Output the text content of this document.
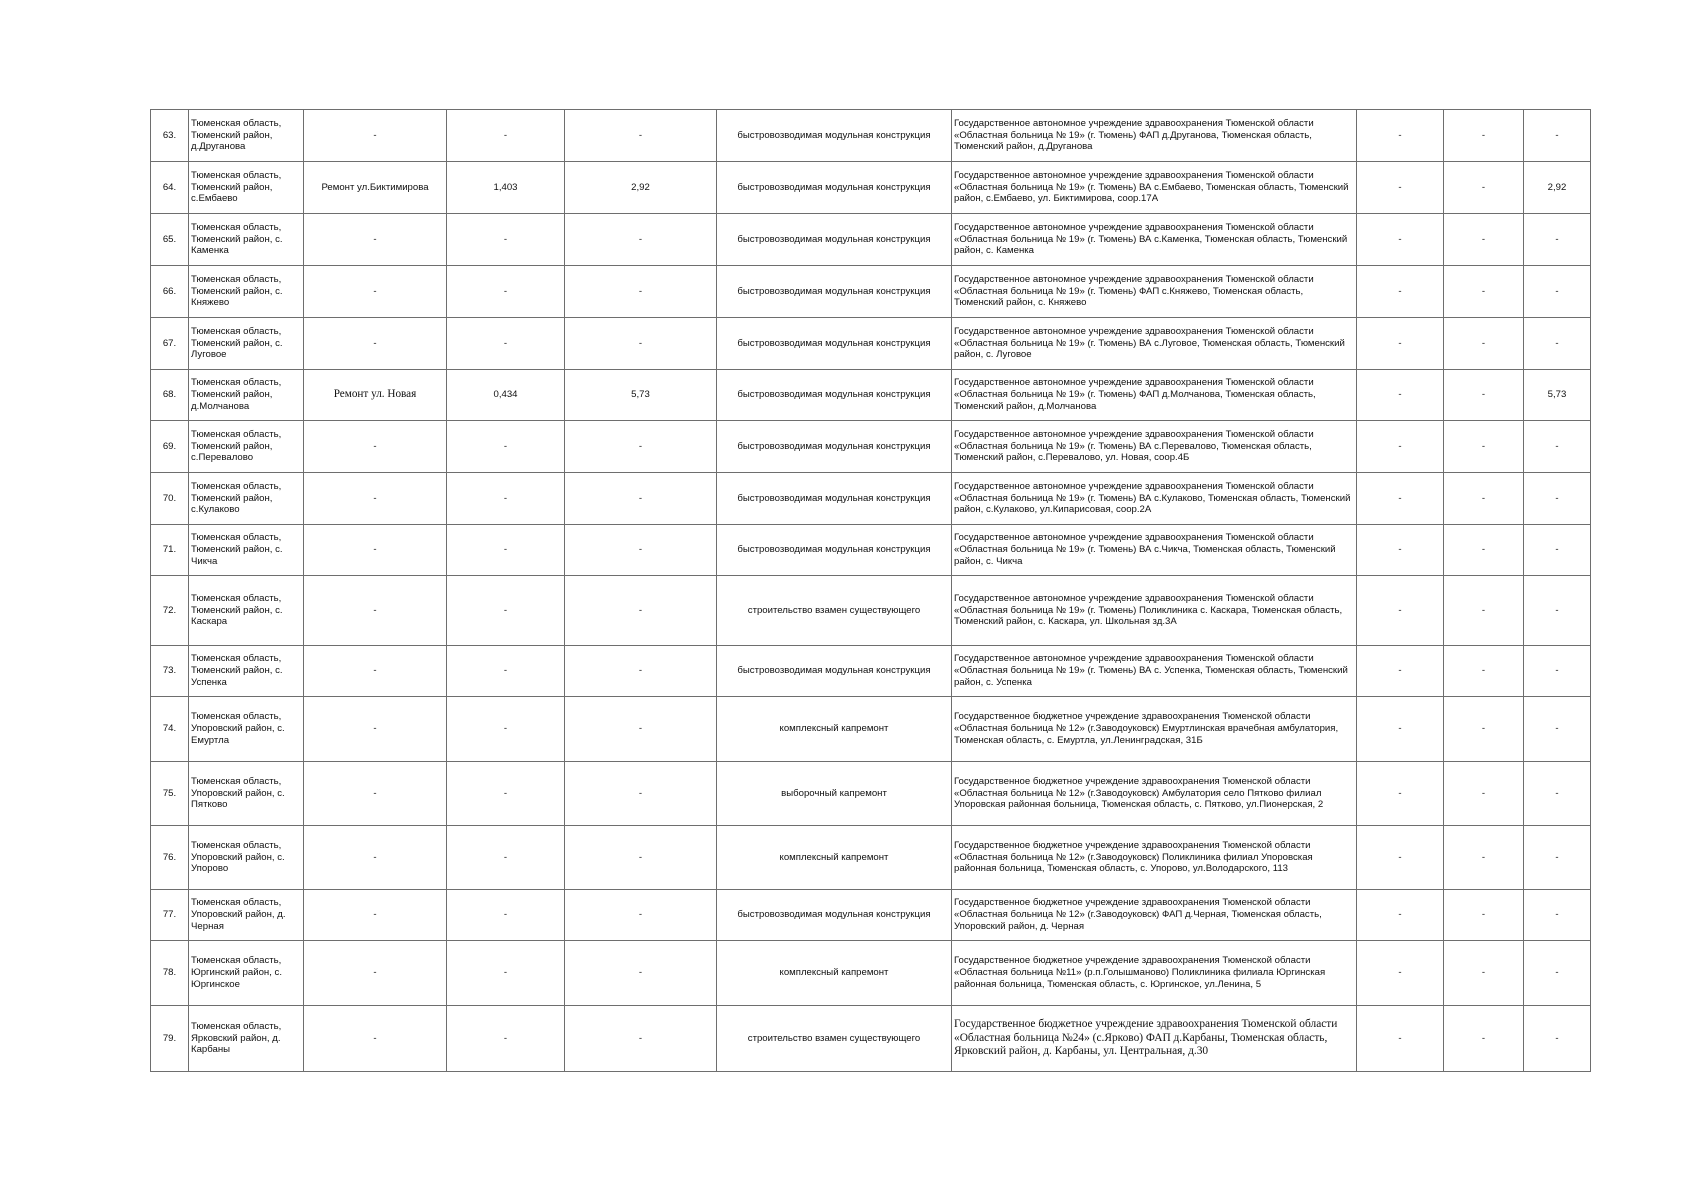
63.	Тюменская область, Тюменский район, д.Друганова	-	-	-	быстровозводимая модульная конструкция	Государственное автономное учреждение здравоохранения Тюменской области «Областная больница № 19» (г. Тюмень) ФАП д.Друганова, Тюменская область, Тюменский район, д.Друганова	-	-	-
64.	Тюменская область, Тюменский район, с.Ембаево	Ремонт ул.Биктимирова	1,403	2,92	быстровозводимая модульная конструкция	Государственное автономное учреждение здравоохранения Тюменской области «Областная больница № 19» (г. Тюмень) ВА с.Ембаево, Тюменская область, Тюменский район, с.Ембаево, ул. Биктимирова, соор.17А	-	-	2,92
65.	Тюменская область, Тюменский район, с. Каменка	-	-	-	быстровозводимая модульная конструкция	Государственное автономное учреждение здравоохранения Тюменской области «Областная больница № 19» (г. Тюмень) ВА с.Каменка, Тюменская область, Тюменский район, с. Каменка	-	-	-
66.	Тюменская область, Тюменский район, с. Княжево	-	-	-	быстровозводимая модульная конструкция	Государственное автономное учреждение здравоохранения Тюменской области «Областная больница № 19» (г. Тюмень) ФАП с.Княжево, Тюменская область, Тюменский район, с. Княжево	-	-	-
67.	Тюменская область, Тюменский район, с. Луговое	-	-	-	быстровозводимая модульная конструкция	Государственное автономное учреждение здравоохранения Тюменской области «Областная больница № 19» (г. Тюмень) ВА с.Луговое, Тюменская область, Тюменский район, с. Луговое	-	-	-
68.	Тюменская область, Тюменский район, д.Молчанова	Ремонт ул. Новая	0,434	5,73	быстровозводимая модульная конструкция	Государственное автономное учреждение здравоохранения Тюменской области «Областная больница № 19» (г. Тюмень) ФАП д.Молчанова, Тюменская область, Тюменский район, д.Молчанова	-	-	5,73
69.	Тюменская область, Тюменский район, с.Перевалово	-	-	-	быстровозводимая модульная конструкция	Государственное автономное учреждение здравоохранения Тюменской области «Областная больница № 19» (г. Тюмень) ВА с.Перевалово, Тюменская область, Тюменский район, с.Перевалово, ул. Новая, соор.4Б	-	-	-
70.	Тюменская область, Тюменский район, с.Кулаково	-	-	-	быстровозводимая модульная конструкция	Государственное автономное учреждение здравоохранения Тюменской области «Областная больница № 19» (г. Тюмень) ВА с.Кулаково, Тюменская область, Тюменский район, с.Кулаково, ул.Кипарисовая, соор.2А	-	-	-
71.	Тюменская область, Тюменский район, с. Чикча	-	-	-	быстровозводимая модульная конструкция	Государственное автономное учреждение здравоохранения Тюменской области «Областная больница № 19» (г. Тюмень) ВА с.Чикча, Тюменская область, Тюменский район, с. Чикча	-	-	-
72.	Тюменская область, Тюменский район, с. Каскара	-	-	-	строительство взамен существующего	Государственное автономное учреждение здравоохранения Тюменской области «Областная больница № 19» (г. Тюмень) Поликлиника с. Каскара, Тюменская область, Тюменский район, с. Каскара, ул. Школьная зд.3А	-	-	-
73.	Тюменская область, Тюменский район, с. Успенка	-	-	-	быстровозводимая модульная конструкция	Государственное автономное учреждение здравоохранения Тюменской области «Областная больница № 19» (г. Тюмень) ВА с. Успенка, Тюменская область, Тюменский район, с. Успенка	-	-	-
74.	Тюменская область, Упоровский район, с. Емуртла	-	-	-	комплексный капремонт	Государственное бюджетное учреждение здравоохранения Тюменской области «Областная больница № 12» (г.Заводоуковск) Емуртлинская врачебная амбулатория, Тюменская область, с. Емуртла, ул.Ленинградская, 31Б	-	-	-
75.	Тюменская область, Упоровский район, с. Пятково	-	-	-	выборочный капремонт	Государственное бюджетное учреждение здравоохранения Тюменской области «Областная больница № 12» (г.Заводоуковск) Амбулатория село Пятково филиал Упоровская районная больница, Тюменская область, с. Пятково, ул.Пионерская, 2	-	-	-
76.	Тюменская область, Упоровский район, с. Упорово	-	-	-	комплексный капремонт	Государственное бюджетное учреждение здравоохранения Тюменской области «Областная больница № 12» (г.Заводоуковск) Поликлиника филиал Упоровская районная больница, Тюменская область, с. Упорово, ул.Володарского, 113	-	-	-
77.	Тюменская область, Упоровский район, д. Черная	-	-	-	быстровозводимая модульная конструкция	Государственное бюджетное учреждение здравоохранения Тюменской области «Областная больница № 12» (г.Заводоуковск) ФАП д.Черная, Тюменская область, Упоровский район, д. Черная	-	-	-
78.	Тюменская область, Юргинский район, с. Юргинское	-	-	-	комплексный капремонт	Государственное бюджетное учреждение здравоохранения Тюменской области «Областная больница №11» (р.п.Голышманово) Поликлиника филиала Юргинская районная больница, Тюменская область, с. Юргинское, ул.Ленина, 5	-	-	-
79.	Тюменская область, Ярковский район, д. Карбаны	-	-	-	строительство взамен существующего	Государственное бюджетное учреждение здравоохранения Тюменской области «Областная больница №24» (с.Ярково) ФАП д.Карбаны, Тюменская область, Ярковский район, д. Карбаны, ул. Центральная, д.30	-	-	-
